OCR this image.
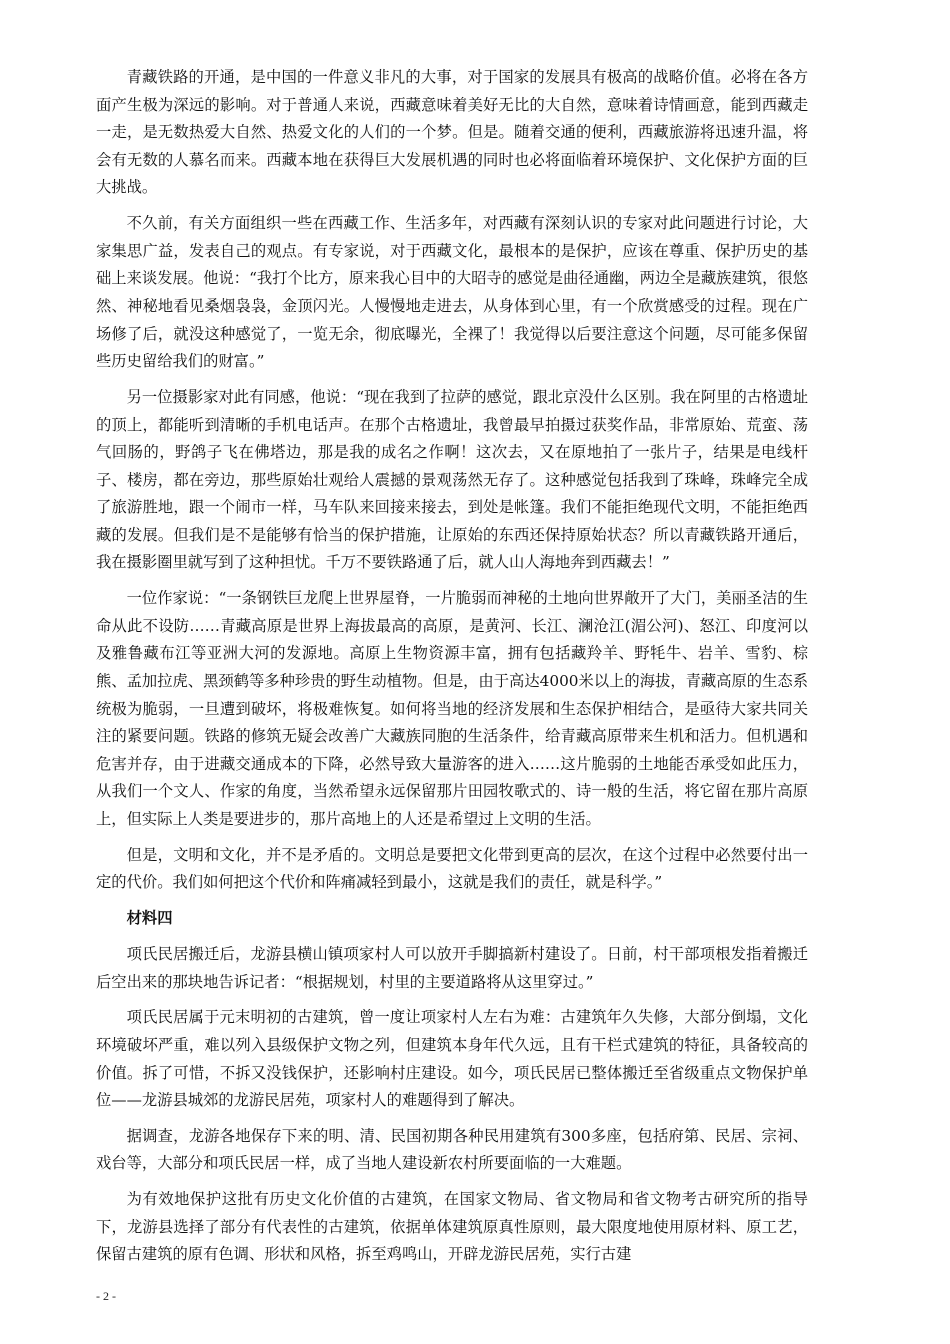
青藏铁路的开通，是中国的一件意义非凡的大事，对于国家的发展具有极高的战略价值。必将在各方面产生极为深远的影响。对于普通人来说，西藏意味着美好无比的大自然，意味着诗情画意，能到西藏走一走，是无数热爱大自然、热爱文化的人们的一个梦。但是。随着交通的便利，西藏旅游将迅速升温，将会有无数的人慕名而来。西藏本地在获得巨大发展机遇的同时也必将面临着环境保护、文化保护方面的巨大挑战。

不久前，有关方面组织一些在西藏工作、生活多年，对西藏有深刻认识的专家对此问题进行讨论，大家集思广益，发表自己的观点。有专家说，对于西藏文化，最根本的是保护，应该在尊重、保护历史的基础上来谈发展。他说：“我打个比方，原来我心目中的大昭寺的感觉是曲径通幽，两边全是藏族建筑，很悠然、神秘地看见桑烟袅袅，金顶闪光。人慢慢地走进去，从身体到心里，有一个欣赏感受的过程。现在广场修了后，就没这种感觉了，一览无余，彻底曝光，全裸了！我觉得以后要注意这个问题，尽可能多保留些历史留给我们的财富。”

另一位摄影家对此有同感，他说：“现在我到了拉萨的感觉，跟北京没什么区别。我在阿里的古格遗址的顶上，都能听到清晰的手机电话声。在那个古格遗址，我曾最早拍摄过获奖作品，非常原始、荒蛮、荡气回肠的，野鸽子飞在佛塔边，那是我的成名之作啊！这次去，又在原地拍了一张片子，结果是电线杆子、楼房，都在旁边，那些原始壮观给人震撼的景观荡然无存了。这种感觉包括我到了珠峰，珠峰完全成了旅游胜地，跟一个闹市一样，马车队来回接来接去，到处是帐篷。我们不能拒绝现代文明，不能拒绝西藏的发展。但我们是不是能够有恰当的保护措施，让原始的东西还保持原始状态？所以青藏铁路开通后，我在摄影圈里就写到了这种担忧。千万不要铁路通了后，就人山人海地奔到西藏去！”

一位作家说：“一条钢铁巨龙爬上世界屋脊，一片脆弱而神秘的土地向世界敞开了大门，美丽圣洁的生命从此不设防……青藏高原是世界上海拔最高的高原，是黄河、长江、澜沧江(湄公河)、怒江、印度河以及雅鲁藏布江等亚洲大河的发源地。高原上生物资源丰富，拥有包括藏羚羊、野牦牛、岩羊、雪豹、棕熊、孟加拉虎、黑颈鹤等多种珍贵的野生动植物。但是，由于高达4000米以上的海拔，青藏高原的生态系统极为脆弱，一旦遭到破坏，将极难恢复。如何将当地的经济发展和生态保护相结合，是亟待大家共同关注的紧要问题。铁路的修筑无疑会改善广大藏族同胞的生活条件，给青藏高原带来生机和活力。但机遇和危害并存，由于进藏交通成本的下降，必然导致大量游客的进入……这片脆弱的土地能否承受如此压力，从我们一个文人、作家的角度，当然希望永远保留那片田园牧歌式的、诗一般的生活，将它留在那片高原上，但实际上人类是要进步的，那片高地上的人还是希望过上文明的生活。

但是，文明和文化，并不是矛盾的。文明总是要把文化带到更高的层次，在这个过程中必然要付出一定的代价。我们如何把这个代价和阵痛减轻到最小，这就是我们的责任，就是科学。”

材料四

项氏民居搬迁后，龙游县横山镇项家村人可以放开手脚搞新村建设了。日前，村干部项根发指着搬迁后空出来的那块地告诉记者：“根据规划，村里的主要道路将从这里穿过。”

项氏民居属于元末明初的古建筑，曾一度让项家村人左右为难：古建筑年久失修，大部分倒塌，文化环境破坏严重，难以列入县级保护文物之列，但建筑本身年代久远，且有干栏式建筑的特征，具备较高的价值。拆了可惜，不拆又没钱保护，还影响村庄建设。如今，项氏民居已整体搬迁至省级重点文物保护单位——龙游县城郊的龙游民居苑，项家村人的难题得到了解决。

据调查，龙游各地保存下来的明、清、民国初期各种民用建筑有300多座，包括府第、民居、宗祠、戏台等，大部分和项氏民居一样，成了当地人建设新农村所要面临的一大难题。

为有效地保护这批有历史文化价值的古建筑，在国家文物局、省文物局和省文物考古研究所的指导下，龙游县选择了部分有代表性的古建筑，依据单体建筑原真性原则，最大限度地使用原材料、原工艺，保留古建筑的原有色调、形状和风格，拆至鸡鸣山，开辟龙游民居苑，实行古建

- 2 -
